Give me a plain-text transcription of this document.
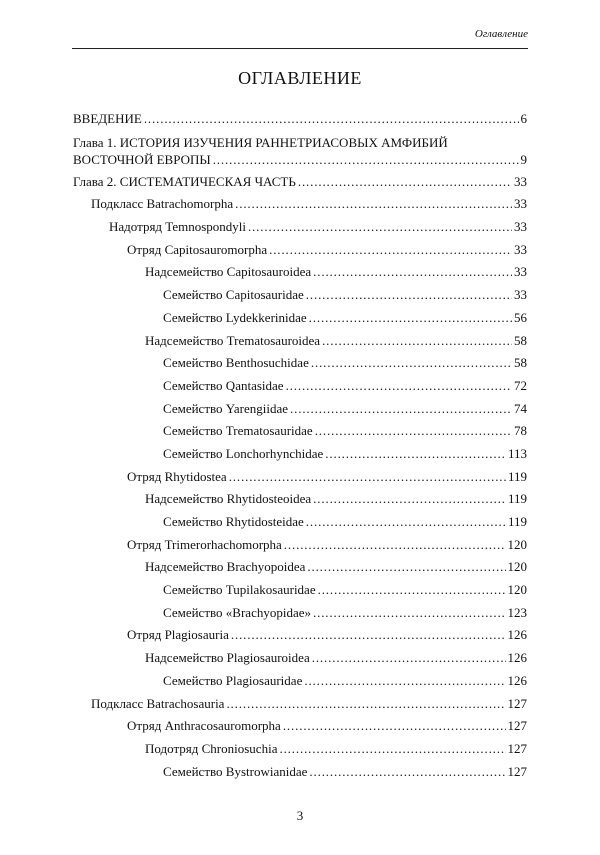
Оглавление
ОГЛАВЛЕНИЕ
ВВЕДЕНИЕ . . .	6
Глава 1. ИСТОРИЯ ИЗУЧЕНИЯ РАННЕТРИАСОВЫХ АМФИБИЙ
ВОСТОЧНОЙ ЕВРОПЫ . . .	9
Глава 2. СИСТЕМАТИЧЕСКАЯ ЧАСТЬ . . .	33
Подкласс Batrachomorpha . . .	33
Надотряд Temnospondyli . . .	33
Отряд Capitosauromorpha . . .	33
Надсемейство Capitosauroidea . . .	33
Семейство Capitosauridae . . .	33
Семейство Lydekkerinidae . . .	56
Надсемейство Trematosauroidea . . .	58
Семейство Benthosuchidae . . .	58
Семейство Qantasidae . . .	72
Семейство Yarengiidae . . .	74
Семейство Trematosauridae . . .	78
Семейство Lonchorhynchidae . . .	113
Отряд Rhytidostea . . .	119
Надсемейство Rhytidosteoidea . . .	119
Семейство Rhytidosteidae . . .	119
Отряд Trimerorhachomorpha . . .	120
Надсемейство Brachyopoidea . . .	120
Семейство Tupilakosauridae . . .	120
Семейство «Brachyopidae» . . .	123
Отряд Plagiosauria . . .	126
Надсемейство Plagiosauroidea . . .	126
Семейство Plagiosauridae . . .	126
Подкласс Batrachosauria . . .	127
Отряд Anthracosauromorpha . . .	127
Подотряд Chroniosuchia . . .	127
Семейство Bystrowianidae . . .	127
3
